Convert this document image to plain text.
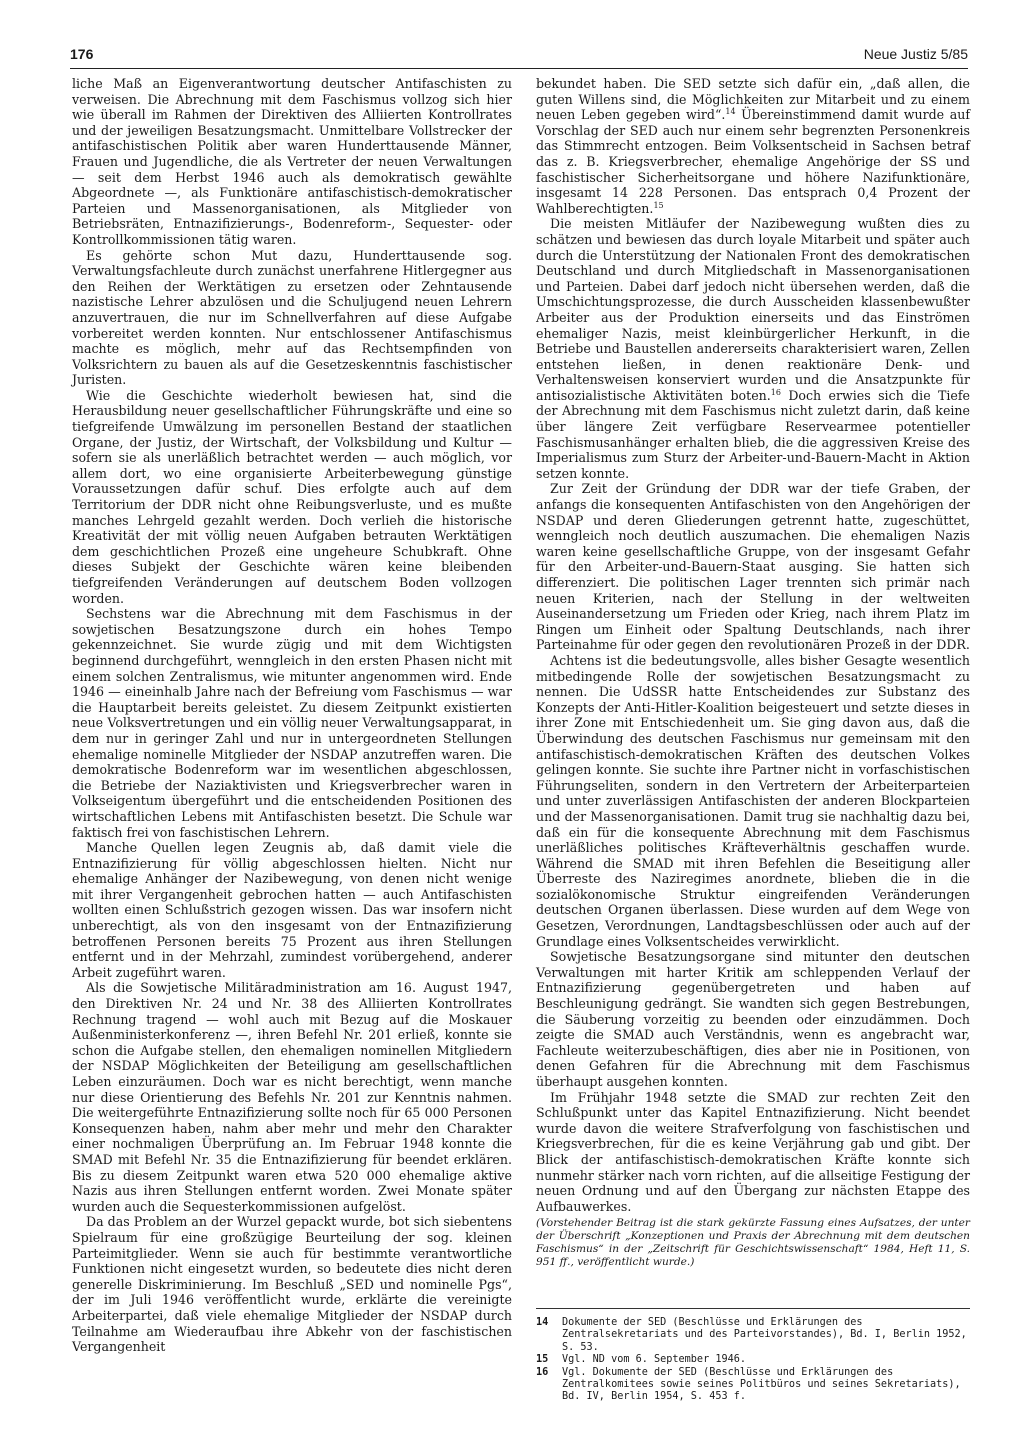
176	Neue Justiz 5/85

liche Maß an Eigenverantwortung deutscher Antifaschisten zu verweisen. Die Abrechnung mit dem Faschismus vollzog sich hier wie überall im Rahmen der Direktiven des Alliierten Kontrollrates und der jeweiligen Besatzungsmacht. Unmittelbare Vollstrecker der antifaschistischen Politik aber waren Hunderttausende Männer, Frauen und Jugendliche, die als Vertreter der neuen Verwaltungen — seit dem Herbst 1946 auch als demokratisch gewählte Abgeordnete —, als Funktionäre antifaschistisch-demokratischer Parteien und Massenorganisationen, als Mitglieder von Betriebsräten, Entnazifizierungs-, Bodenreform-, Sequester- oder Kontrollkommissionen tätig waren.

Es gehörte schon Mut dazu, Hunderttausende sog. Verwaltungsfachleute durch zunächst unerfahrene Hitlergegner aus den Reihen der Werktätigen zu ersetzen oder Zehntausende nazistische Lehrer abzulösen und die Schuljugend neuen Lehrern anzuvertrauen, die nur im Schnellverfahren auf diese Aufgabe vorbereitet werden konnten. Nur entschlossener Antifaschismus machte es möglich, mehr auf das Rechtsempfinden von Volksrichtern zu bauen als auf die Gesetzeskenntnis faschistischer Juristen.

Wie die Geschichte wiederholt bewiesen hat, sind die Herausbildung neuer gesellschaftlicher Führungskräfte und eine so tiefgreifende Umwälzung im personellen Bestand der staatlichen Organe, der Justiz, der Wirtschaft, der Volksbildung und Kultur — sofern sie als unerläßlich betrachtet werden — auch möglich, vor allem dort, wo eine organisierte Arbeiterbewegung günstige Voraussetzungen dafür schuf. Dies erfolgte auch auf dem Territorium der DDR nicht ohne Reibungsverluste, und es mußte manches Lehrgeld gezahlt werden. Doch verlieh die historische Kreativität der mit völlig neuen Aufgaben betrauten Werktätigen dem geschichtlichen Prozeß eine ungeheure Schubkraft. Ohne dieses Subjekt der Geschichte wären keine bleibenden tiefgreifenden Veränderungen auf deutschem Boden vollzogen worden.

Sechstens war die Abrechnung mit dem Faschismus in der sowjetischen Besatzungszone durch ein hohes Tempo gekennzeichnet. Sie wurde zügig und mit dem Wichtigsten beginnend durchgeführt, wenngleich in den ersten Phasen nicht mit einem solchen Zentralismus, wie mitunter angenommen wird. Ende 1946 — eineinhalb Jahre nach der Befreiung vom Faschismus — war die Hauptarbeit bereits geleistet. Zu diesem Zeitpunkt existierten neue Volksvertretungen und ein völlig neuer Verwaltungsapparat, in dem nur in geringer Zahl und nur in untergeordneten Stellungen ehemalige nominelle Mitglieder der NSDAP anzutreffen waren. Die demokratische Bodenreform war im wesentlichen abgeschlossen, die Betriebe der Naziaktivisten und Kriegsverbrecher waren in Volkseigentum übergeführt und die entscheidenden Positionen des wirtschaftlichen Lebens mit Antifaschisten besetzt. Die Schule war faktisch frei von faschistischen Lehrern.

Manche Quellen legen Zeugnis ab, daß damit viele die Entnazifizierung für völlig abgeschlossen hielten. Nicht nur ehemalige Anhänger der Nazibewegung, von denen nicht wenige mit ihrer Vergangenheit gebrochen hatten — auch Antifaschisten wollten einen Schlußstrich gezogen wissen. Das war insofern nicht unberechtigt, als von den insgesamt von der Entnazifizierung betroffenen Personen bereits 75 Prozent aus ihren Stellungen entfernt und in der Mehrzahl, zumindest vorübergehend, anderer Arbeit zugeführt waren.

Als die Sowjetische Militäradministration am 16. August 1947, den Direktiven Nr. 24 und Nr. 38 des Alliierten Kontrollrates Rechnung tragend — wohl auch mit Bezug auf die Moskauer Außenministerkonferenz —, ihren Befehl Nr. 201 erließ, konnte sie schon die Aufgabe stellen, den ehemaligen nominellen Mitgliedern der NSDAP Möglichkeiten der Beteiligung am gesellschaftlichen Leben einzuräumen. Doch war es nicht berechtigt, wenn manche nur diese Orientierung des Befehls Nr. 201 zur Kenntnis nahmen. Die weitergeführte Entnazifizierung sollte noch für 65 000 Personen Konsequenzen haben, nahm aber mehr und mehr den Charakter einer nochmaligen Überprüfung an. Im Februar 1948 konnte die SMAD mit Befehl Nr. 35 die Entnazifizierung für beendet erklären. Bis zu diesem Zeitpunkt waren etwa 520 000 ehemalige aktive Nazis aus ihren Stellungen entfernt worden. Zwei Monate später wurden auch die Sequesterkommissionen aufgelöst.

Da das Problem an der Wurzel gepackt wurde, bot sich siebentens Spielraum für eine großzügige Beurteilung der sog. kleinen Parteimitglieder. Wenn sie auch für bestimmte verantwortliche Funktionen nicht eingesetzt wurden, so bedeutete dies nicht deren generelle Diskriminierung. Im Beschluß „SED und nominelle Pgs“, der im Juli 1946 veröffentlicht wurde, erklärte die vereinigte Arbeiterpartei, daß viele ehemalige Mitglieder der NSDAP durch Teilnahme am Wiederaufbau ihre Abkehr von der faschistischen Vergangenheit

bekundet haben. Die SED setzte sich dafür ein, „daß allen, die guten Willens sind, die Möglichkeiten zur Mitarbeit und zu einem neuen Leben gegeben wird“.$^{14}$ Übereinstimmend damit wurde auf Vorschlag der SED auch nur einem sehr begrenzten Personenkreis das Stimmrecht entzogen. Beim Volksentscheid in Sachsen betraf das z. B. Kriegsverbrecher, ehemalige Angehörige der SS und faschistischer Sicherheitsorgane und höhere Nazifunktionäre, insgesamt 14 228 Personen. Das entsprach 0,4 Prozent der Wahlberechtigten.$^{15}$

Die meisten Mitläufer der Nazibewegung wußten dies zu schätzen und bewiesen das durch loyale Mitarbeit und später auch durch die Unterstützung der Nationalen Front des demokratischen Deutschland und durch Mitgliedschaft in Massenorganisationen und Parteien. Dabei darf jedoch nicht übersehen werden, daß die Umschichtungsprozesse, die durch Ausscheiden klassenbewußter Arbeiter aus der Produktion einerseits und das Einströmen ehemaliger Nazis, meist kleinbürgerlicher Herkunft, in die Betriebe und Baustellen andererseits charakterisiert waren, Zellen entstehen ließen, in denen reaktionäre Denk- und Verhaltensweisen konserviert wurden und die Ansatzpunkte für antisozialistische Aktivitäten boten.$^{16}$ Doch erwies sich die Tiefe der Abrechnung mit dem Faschismus nicht zuletzt darin, daß keine über längere Zeit verfügbare Reservearmee potentieller Faschismusanhänger erhalten blieb, die die aggressiven Kreise des Imperialismus zum Sturz der Arbeiter-und-Bauern-Macht in Aktion setzen konnte.

Zur Zeit der Gründung der DDR war der tiefe Graben, der anfangs die konsequenten Antifaschisten von den Angehörigen der NSDAP und deren Gliederungen getrennt hatte, zugeschüttet, wenngleich noch deutlich auszumachen. Die ehemaligen Nazis waren keine gesellschaftliche Gruppe, von der insgesamt Gefahr für den Arbeiter-und-Bauern-Staat ausging. Sie hatten sich differenziert. Die politischen Lager trennten sich primär nach neuen Kriterien, nach der Stellung in der weltweiten Auseinandersetzung um Frieden oder Krieg, nach ihrem Platz im Ringen um Einheit oder Spaltung Deutschlands, nach ihrer Parteinahme für oder gegen den revolutionären Prozeß in der DDR.

Achtens ist die bedeutungsvolle, alles bisher Gesagte wesentlich mitbedingende Rolle der sowjetischen Besatzungsmacht zu nennen. Die UdSSR hatte Entscheidendes zur Substanz des Konzepts der Anti-Hitler-Koalition beigesteuert und setzte dieses in ihrer Zone mit Entschiedenheit um. Sie ging davon aus, daß die Überwindung des deutschen Faschismus nur gemeinsam mit den antifaschistisch-demokratischen Kräften des deutschen Volkes gelingen konnte. Sie suchte ihre Partner nicht in vorfaschistischen Führungseliten, sondern in den Vertretern der Arbeiterparteien und unter zuverlässigen Antifaschisten der anderen Blockparteien und der Massenorganisationen. Damit trug sie nachhaltig dazu bei, daß ein für die konsequente Abrechnung mit dem Faschismus unerläßliches politisches Kräfteverhältnis geschaffen wurde. Während die SMAD mit ihren Befehlen die Beseitigung aller Überreste des Naziregimes anordnete, blieben die in die sozialökonomische Struktur eingreifenden Veränderungen deutschen Organen überlassen. Diese wurden auf dem Wege von Gesetzen, Verordnungen, Landtagsbeschlüssen oder auch auf der Grundlage eines Volksentscheides verwirklicht.

Sowjetische Besatzungsorgane sind mitunter den deutschen Verwaltungen mit harter Kritik am schleppenden Verlauf der Entnazifizierung gegenübergetreten und haben auf Beschleunigung gedrängt. Sie wandten sich gegen Bestrebungen, die Säuberung vorzeitig zu beenden oder einzudämmen. Doch zeigte die SMAD auch Verständnis, wenn es angebracht war, Fachleute weiterzubeschäftigen, dies aber nie in Positionen, von denen Gefahren für die Abrechnung mit dem Faschismus überhaupt ausgehen konnten.

Im Frühjahr 1948 setzte die SMAD zur rechten Zeit den Schlußpunkt unter das Kapitel Entnazifizierung. Nicht beendet wurde davon die weitere Strafverfolgung von faschistischen und Kriegsverbrechen, für die es keine Verjährung gab und gibt. Der Blick der antifaschistisch-demokratischen Kräfte konnte sich nunmehr stärker nach vorn richten, auf die allseitige Festigung der neuen Ordnung und auf den Übergang zur nächsten Etappe des Aufbauwerkes.

(Vorstehender Beitrag ist die stark gekürzte Fassung eines Aufsatzes, der unter der Überschrift „Konzeptionen und Praxis der Abrechnung mit dem deutschen Faschismus“ in der „Zeitschrift für Geschichtswissenschaft“ 1984, Heft 11, S. 951 ff., veröffentlicht wurde.)

14	Dokumente der SED (Beschlüsse und Erklärungen des Zentralsekretariats und des Parteivorstandes), Bd. I, Berlin 1952, S. 53.
15	Vgl. ND vom 6. September 1946.
16	Vgl. Dokumente der SED (Beschlüsse und Erklärungen des Zentralkomitees sowie seines Politbüros und seines Sekretariats), Bd. IV, Berlin 1954, S. 453 f.
